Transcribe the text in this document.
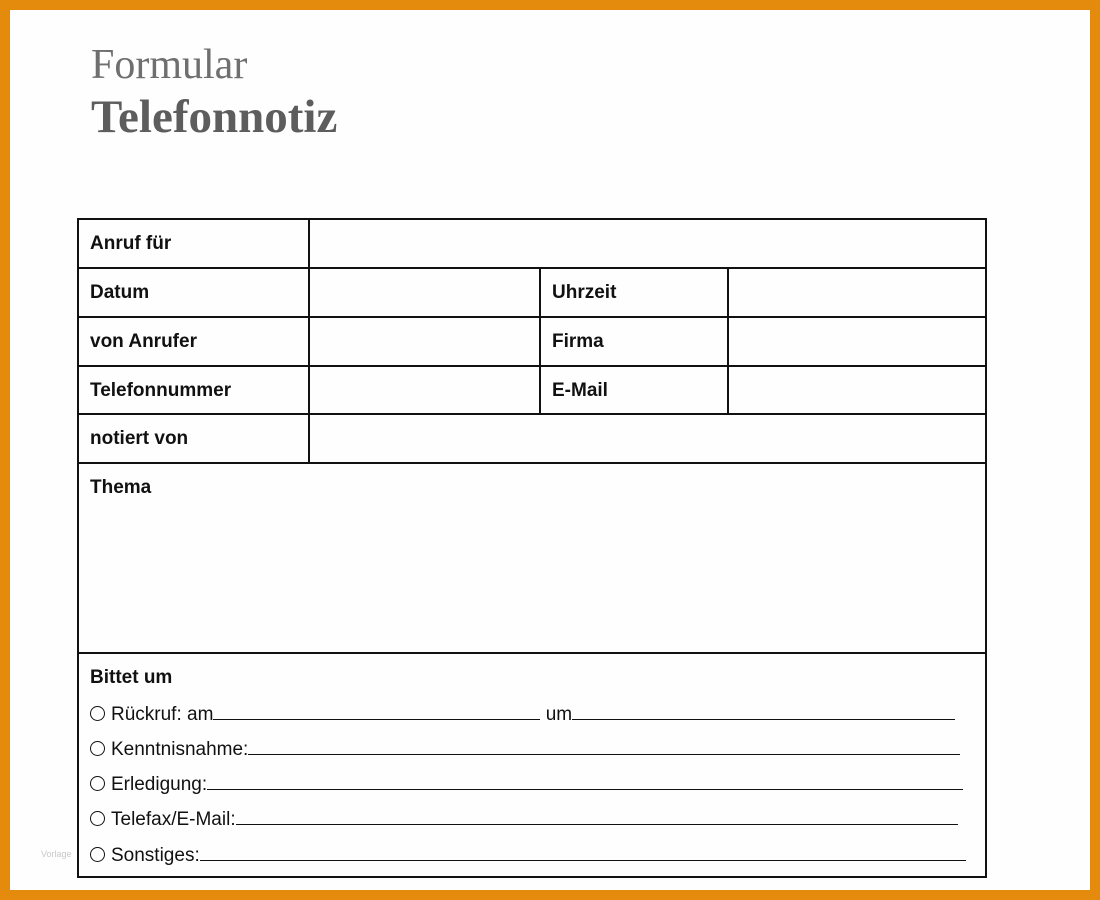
Formular
Telefonnotiz
Anruf für
Datum	Uhrzeit
von Anrufer	Firma
Telefonnummer	E-Mail
notiert von
Thema
Bittet um
Rückruf: am	um
Kenntnisnahme:
Erledigung:
Telefax/E-Mail:
Sonstiges:
Vorlage
